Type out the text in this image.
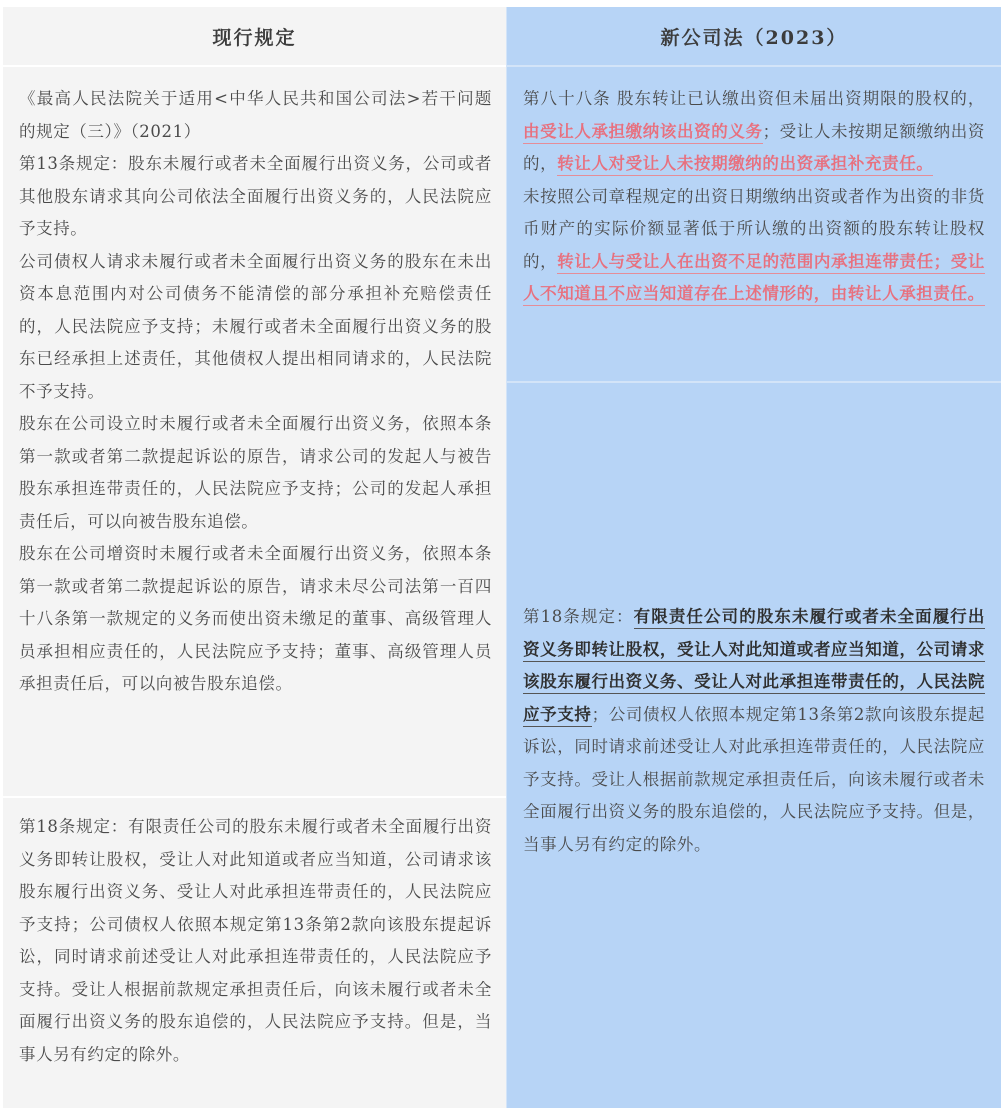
现行规定

《最高人民法院关于适用<中华人民共和国公司法>若干问题的规定（三）》（2021）

第13条规定：股东未履行或者未全面履行出资义务，公司或者其他股东请求其向公司依法全面履行出资义务的，人民法院应予支持。

公司债权人请求未履行或者未全面履行出资义务的股东在未出资本息范围内对公司债务不能清偿的部分承担补充赔偿责任的，人民法院应予支持；未履行或者未全面履行出资义务的股东已经承担上述责任，其他债权人提出相同请求的，人民法院不予支持。

股东在公司设立时未履行或者未全面履行出资义务，依照本条第一款或者第二款提起诉讼的原告，请求公司的发起人与被告股东承担连带责任的，人民法院应予支持；公司的发起人承担责任后，可以向被告股东追偿。

股东在公司增资时未履行或者未全面履行出资义务，依照本条第一款或者第二款提起诉讼的原告，请求未尽公司法第一百四十八条第一款规定的义务而使出资未缴足的董事、高级管理人员承担相应责任的，人民法院应予支持；董事、高级管理人员承担责任后，可以向被告股东追偿。

第18条规定：有限责任公司的股东未履行或者未全面履行出资义务即转让股权，受让人对此知道或者应当知道，公司请求该股东履行出资义务、受让人对此承担连带责任的，人民法院应予支持；公司债权人依照本规定第13条第2款向该股东提起诉讼，同时请求前述受让人对此承担连带责任的，人民法院应予支持。受让人根据前款规定承担责任后，向该未履行或者未全面履行出资义务的股东追偿的，人民法院应予支持。但是，当事人另有约定的除外。

新公司法（2023）

第八十八条 股东转让已认缴出资但未届出资期限的股权的，由受让人承担缴纳该出资的义务；受让人未按期足额缴纳出资的，转让人对受让人未按期缴纳的出资承担补充责任。

未按照公司章程规定的出资日期缴纳出资或者作为出资的非货币财产的实际价额显著低于所认缴的出资额的股东转让股权的，转让人与受让人在出资不足的范围内承担连带责任；受让人不知道且不应当知道存在上述情形的，由转让人承担责任。

第18条规定：有限责任公司的股东未履行或者未全面履行出资义务即转让股权，受让人对此知道或者应当知道，公司请求该股东履行出资义务、受让人对此承担连带责任的，人民法院应予支持；公司债权人依照本规定第13条第2款向该股东提起诉讼，同时请求前述受让人对此承担连带责任的，人民法院应予支持。受让人根据前款规定承担责任后，向该未履行或者未全面履行出资义务的股东追偿的，人民法院应予支持。但是，当事人另有约定的除外。
